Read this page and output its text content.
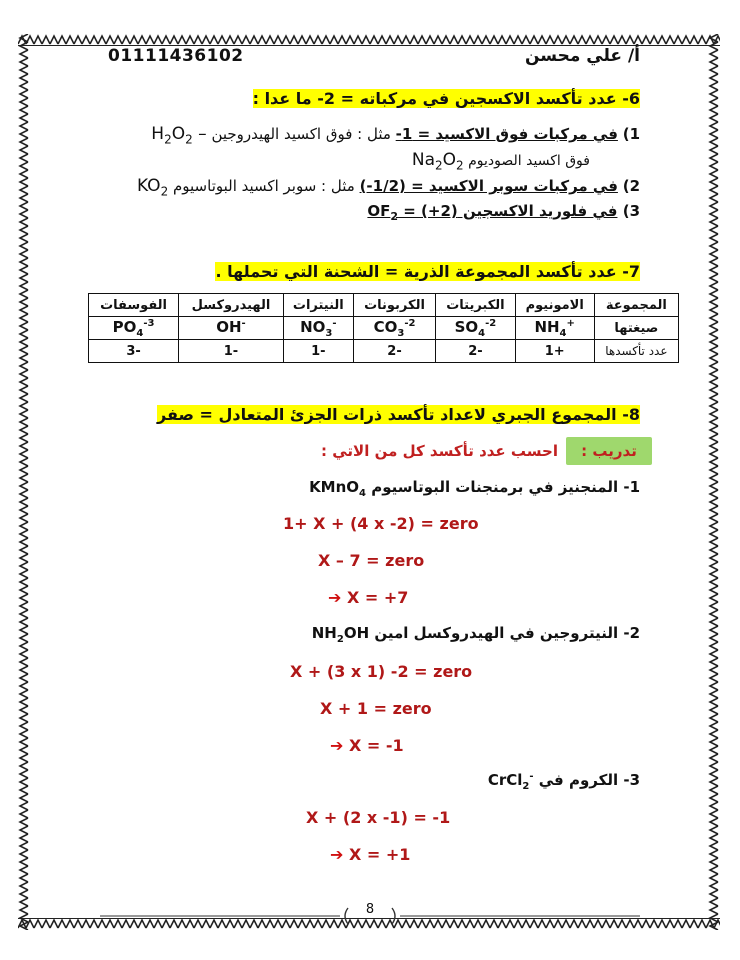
أ/ علي محسن
01111436102
6- عدد تأكسد الاكسجين في مركباته = 2- ما عدا :
1) في مركبات فوق الاكسيد = 1- مثل : فوق اكسيد الهيدروجين $H_2O_2$ –
فوق اكسيد الصوديوم $Na_2O_2$
2) في مركبات سوبر الاكسيد = (1/2-) مثل : سوبر اكسيد البوتاسيوم $KO_2$
3) في فلوريد الاكسجين $OF_2 = (+2)$
7- عدد تأكسد المجموعة الذرية = الشحنة التي تحملها .
المجموعة	الامونيوم	الكبريتات	الكربونات	النيترات	الهيدروكسل	الفوسفات
صيغتها	$NH_4^+$	$SO_4^{-2}$	$CO_3^{-2}$	$NO_3^-$	OH-	$PO_4^{-3}$
عدد تأكسدها	+1	-2	-2	-1	-1	-3
8- المجموع الجبري لاعداد تأكسد ذرات الجزئ المتعادل = صفر
تدريب :
احسب عدد تأكسد كل من الاتي :
1- المنجنيز في برمنجنات البوتاسيوم KMnO$_4$
1+ X + (4 x -2) = zero
X – 7 = zero
➔ X = +7
2- النيتروجين في الهيدروكسل امين $NH_2OH$
X + (3 x 1) -2 = zero
X + 1 = zero
➔ X = -1
3- الكروم في CrCl$_2$-
X + (2 x -1) = -1
➔ X = +1
8
